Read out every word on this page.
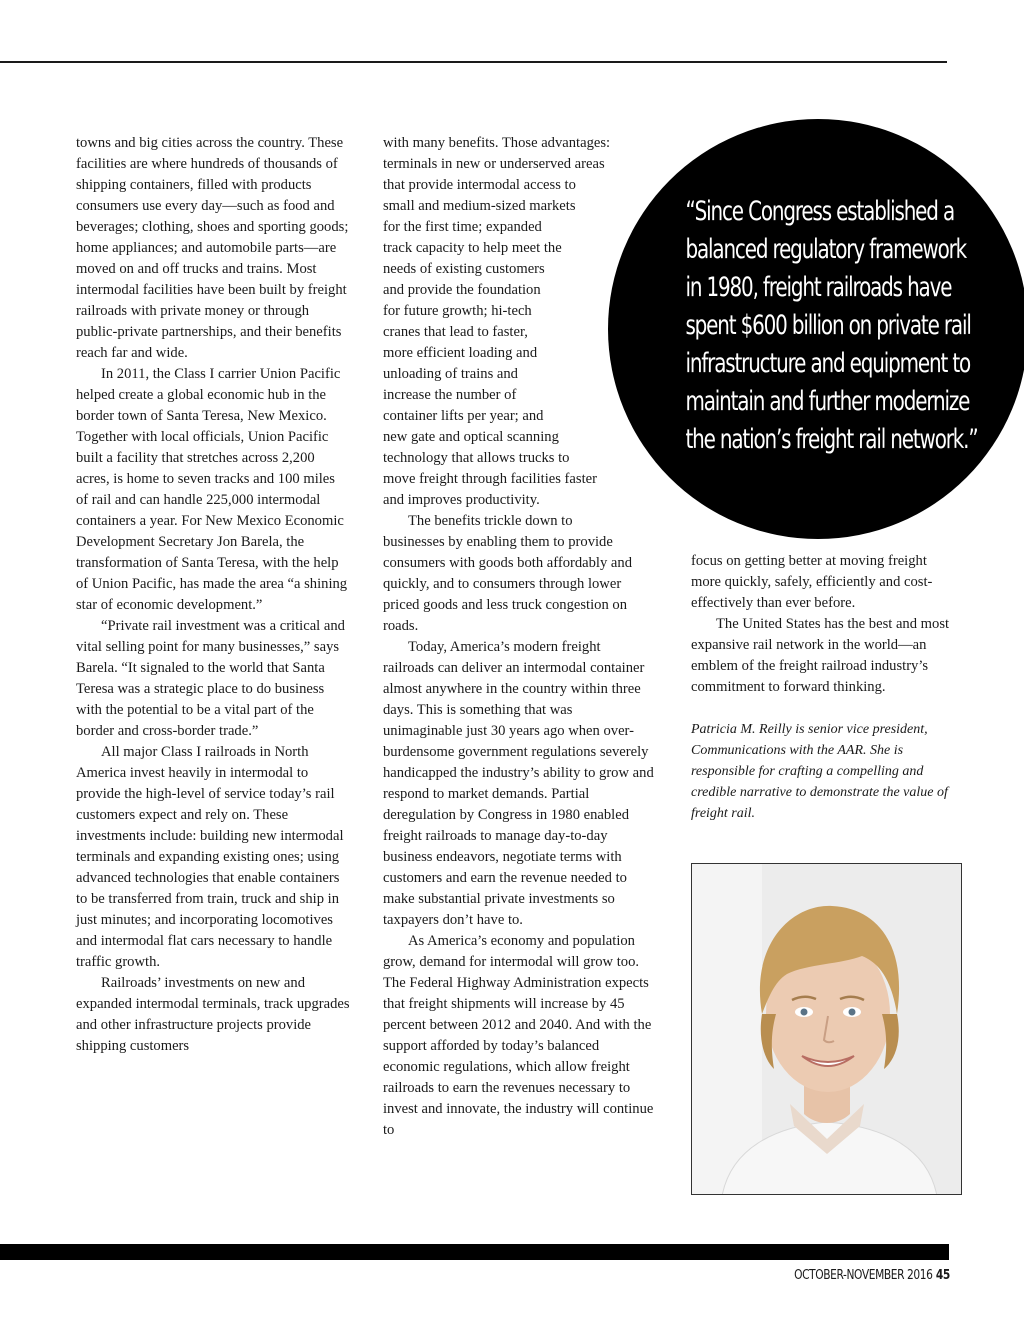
towns and big cities across the country. These facilities are where hundreds of thousands of shipping containers, filled with products consumers use every day—such as food and beverages; clothing, shoes and sporting goods; home appliances; and automobile parts—are moved on and off trucks and trains. Most intermodal facilities have been built by freight railroads with private money or through public-private partnerships, and their benefits reach far and wide.

In 2011, the Class I carrier Union Pacific helped create a global economic hub in the border town of Santa Teresa, New Mexico. Together with local officials, Union Pacific built a facility that stretches across 2,200 acres, is home to seven tracks and 100 miles of rail and can handle 225,000 intermodal containers a year. For New Mexico Economic Development Secretary Jon Barela, the transformation of Santa Teresa, with the help of Union Pacific, has made the area “a shining star of economic development.”

“Private rail investment was a critical and vital selling point for many businesses,” says Barela. “It signaled to the world that Santa Teresa was a strategic place to do business with the potential to be a vital part of the border and cross-border trade.”

All major Class I railroads in North America invest heavily in intermodal to provide the high-level of service today’s rail customers expect and rely on. These investments include: building new intermodal terminals and expanding existing ones; using advanced technologies that enable containers to be transferred from train, truck and ship in just minutes; and incorporating locomotives and intermodal flat cars necessary to handle traffic growth.

Railroads’ investments on new and expanded intermodal terminals, track upgrades and other infrastructure projects provide shipping customers

with many benefits. Those advantages: terminals in new or underserved areas that provide intermodal access to small and medium-sized markets for the first time; expanded track capacity to help meet the needs of existing customers and provide the foundation for future growth; hi-tech cranes that lead to faster, more efficient loading and unloading of trains and increase the number of container lifts per year; and new gate and optical scanning technology that allows trucks to move freight through facilities faster and improves productivity.

The benefits trickle down to businesses by enabling them to provide consumers with goods both affordably and quickly, and to consumers through lower priced goods and less truck congestion on roads.

Today, America’s modern freight railroads can deliver an intermodal container almost anywhere in the country within three days. This is something that was unimaginable just 30 years ago when over-burdensome government regulations severely handicapped the industry’s ability to grow and respond to market demands. Partial deregulation by Congress in 1980 enabled freight railroads to manage day-to-day business endeavors, negotiate terms with customers and earn the revenue needed to make substantial private investments so taxpayers don’t have to.

As America’s economy and population grow, demand for intermodal will grow too. The Federal Highway Administration expects that freight shipments will increase by 45 percent between 2012 and 2040. And with the support afforded by today’s balanced economic regulations, which allow freight railroads to earn the revenues necessary to invest and innovate, the industry will continue to

“Since Congress established a
balanced regulatory framework
in 1980, freight railroads have
spent $600 billion on private rail
infrastructure and equipment to
maintain and further modernize
the nation’s freight rail network.”

focus on getting better at moving freight more quickly, safely, efficiently and cost-effectively than ever before.

The United States has the best and most expansive rail network in the world—an emblem of the freight railroad industry’s commitment to forward thinking.

Patricia M. Reilly is senior vice president, Communications with the AAR. She is responsible for crafting a compelling and credible narrative to demonstrate the value of freight rail.

OCTOBER-NOVEMBER 2016 45
